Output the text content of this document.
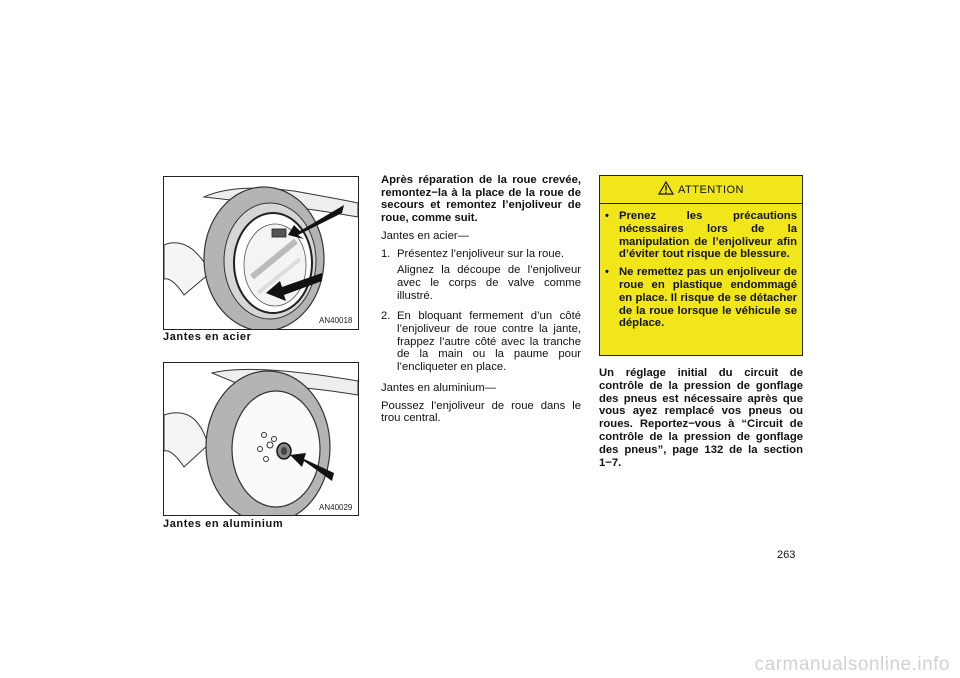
AN40018
Jantes en acier
AN40029
Jantes en aluminium

Après réparation de la roue crevée, remontez−la à la place de la roue de secours et remontez l’enjoliveur de roue, comme suit.

Jantes en acier—

1. Présentez l’enjoliveur sur la roue.

Alignez la découpe de l’enjoliveur avec le corps de valve comme illustré.

2. En bloquant fermement d’un côté l’enjoliveur de roue contre la jante, frappez l’autre côté avec la tranche de la main ou la paume pour l’encliqueter en place.

Jantes en aluminium—

Poussez l’enjoliveur de roue dans le trou central.

ATTENTION
• Prenez les précautions nécessaires lors de la manipulation de l’enjoliveur afin d’éviter tout risque de blessure.
• Ne remettez pas un enjoliveur de roue en plastique endommagé en place. Il risque de se détacher de la roue lorsque le véhicule se déplace.
Un réglage initial du circuit de contrôle de la pression de gonflage des pneus est nécessaire après que vous ayez remplacé vos pneus ou roues. Reportez−vous à “Circuit de contrôle de la pression de gonflage des pneus”, page 132 de la section 1−7.
263
carmanualsonline.info
